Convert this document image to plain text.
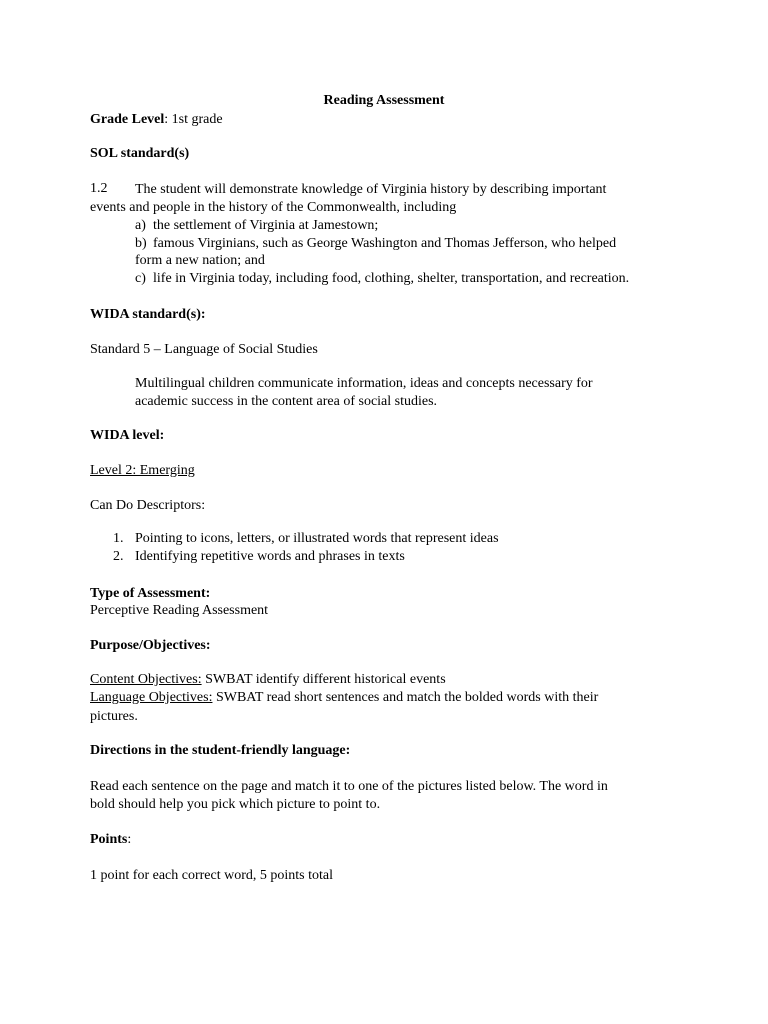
Reading Assessment
Grade Level: 1st grade
SOL standard(s)
1.2 The student will demonstrate knowledge of Virginia history by describing important
events and people in the history of the Commonwealth, including
a) the settlement of Virginia at Jamestown;
b) famous Virginians, such as George Washington and Thomas Jefferson, who helped
form a new nation; and
c) life in Virginia today, including food, clothing, shelter, transportation, and recreation.
WIDA standard(s):
Standard 5 – Language of Social Studies
Multilingual children communicate information, ideas and concepts necessary for
academic success in the content area of social studies.
WIDA level:
Level 2: Emerging
Can Do Descriptors:
1. Pointing to icons, letters, or illustrated words that represent ideas
2. Identifying repetitive words and phrases in texts
Type of Assessment:
Perceptive Reading Assessment
Purpose/Objectives:
Content Objectives: SWBAT identify different historical events
Language Objectives: SWBAT read short sentences and match the bolded words with their
pictures.
Directions in the student-friendly language:
Read each sentence on the page and match it to one of the pictures listed below. The word in
bold should help you pick which picture to point to.
Points:
1 point for each correct word, 5 points total
